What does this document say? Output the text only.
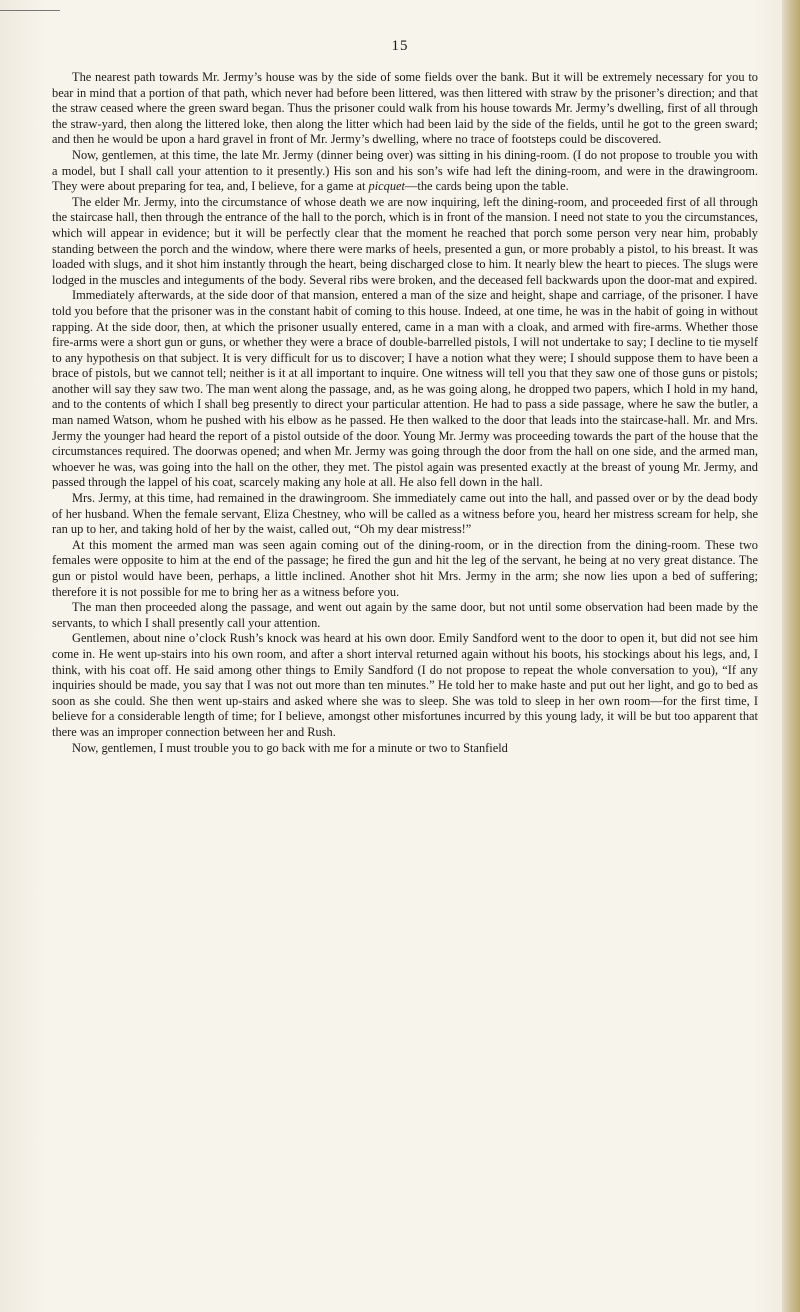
15

The nearest path towards Mr. Jermy’s house was by the side of some fields over the bank. But it will be extremely necessary for you to bear in mind that a portion of that path, which never had before been littered, was then littered with straw by the prisoner’s direction; and that the straw ceased where the green sward began. Thus the prisoner could walk from his house towards Mr. Jermy’s dwelling, first of all through the straw-yard, then along the littered loke, then along the litter which had been laid by the side of the fields, until he got to the green sward; and then he would be upon a hard gravel in front of Mr. Jermy’s dwelling, where no trace of footsteps could be discovered.

Now, gentlemen, at this time, the late Mr. Jermy (dinner being over) was sitting in his dining-room. (I do not propose to trouble you with a model, but I shall call your attention to it presently.) His son and his son’s wife had left the dining-room, and were in the drawingroom. They were about preparing for tea, and, I believe, for a game at picquet—the cards being upon the table.

The elder Mr. Jermy, into the circumstance of whose death we are now inquiring, left the dining-room, and proceeded first of all through the staircase hall, then through the entrance of the hall to the porch, which is in front of the mansion. I need not state to you the circumstances, which will appear in evidence; but it will be perfectly clear that the moment he reached that porch some person very near him, probably standing between the porch and the window, where there were marks of heels, presented a gun, or more probably a pistol, to his breast. It was loaded with slugs, and it shot him instantly through the heart, being discharged close to him. It nearly blew the heart to pieces. The slugs were lodged in the muscles and integuments of the body. Several ribs were broken, and the deceased fell backwards upon the door-mat and expired.

Immediately afterwards, at the side door of that mansion, entered a man of the size and height, shape and carriage, of the prisoner. I have told you before that the prisoner was in the constant habit of coming to this house. Indeed, at one time, he was in the habit of going in without rapping. At the side door, then, at which the prisoner usually entered, came in a man with a cloak, and armed with fire-arms. Whether those fire-arms were a short gun or guns, or whether they were a brace of double-barrelled pistols, I will not undertake to say; I decline to tie myself to any hypothesis on that subject. It is very difficult for us to discover; I have a notion what they were; I should suppose them to have been a brace of pistols, but we cannot tell; neither is it at all important to inquire. One witness will tell you that they saw one of those guns or pistols; another will say they saw two. The man went along the passage, and, as he was going along, he dropped two papers, which I hold in my hand, and to the contents of which I shall beg presently to direct your particular attention. He had to pass a side passage, where he saw the butler, a man named Watson, whom he pushed with his elbow as he passed. He then walked to the door that leads into the staircase-hall. Mr. and Mrs. Jermy the younger had heard the report of a pistol outside of the door. Young Mr. Jermy was proceeding towards the part of the house that the circumstances required. The doorwas opened; and when Mr. Jermy was going through the door from the hall on one side, and the armed man, whoever he was, was going into the hall on the other, they met. The pistol again was presented exactly at the breast of young Mr. Jermy, and passed through the lappel of his coat, scarcely making any hole at all. He also fell down in the hall.

Mrs. Jermy, at this time, had remained in the drawingroom. She immediately came out into the hall, and passed over or by the dead body of her husband. When the female servant, Eliza Chestney, who will be called as a witness before you, heard her mistress scream for help, she ran up to her, and taking hold of her by the waist, called out, “Oh my dear mistress!”

At this moment the armed man was seen again coming out of the dining-room, or in the direction from the dining-room. These two females were opposite to him at the end of the passage; he fired the gun and hit the leg of the servant, he being at no very great distance. The gun or pistol would have been, perhaps, a little inclined. Another shot hit Mrs. Jermy in the arm; she now lies upon a bed of suffering; therefore it is not possible for me to bring her as a witness before you.

The man then proceeded along the passage, and went out again by the same door, but not until some observation had been made by the servants, to which I shall presently call your attention.

Gentlemen, about nine o’clock Rush’s knock was heard at his own door. Emily Sandford went to the door to open it, but did not see him come in. He went up-stairs into his own room, and after a short interval returned again without his boots, his stockings about his legs, and, I think, with his coat off. He said among other things to Emily Sandford (I do not propose to repeat the whole conversation to you), “If any inquiries should be made, you say that I was not out more than ten minutes.” He told her to make haste and put out her light, and go to bed as soon as she could. She then went up-stairs and asked where she was to sleep. She was told to sleep in her own room—for the first time, I believe for a considerable length of time; for I believe, amongst other misfortunes incurred by this young lady, it will be but too apparent that there was an improper connection between her and Rush.

Now, gentlemen, I must trouble you to go back with me for a minute or two to Stanfield
